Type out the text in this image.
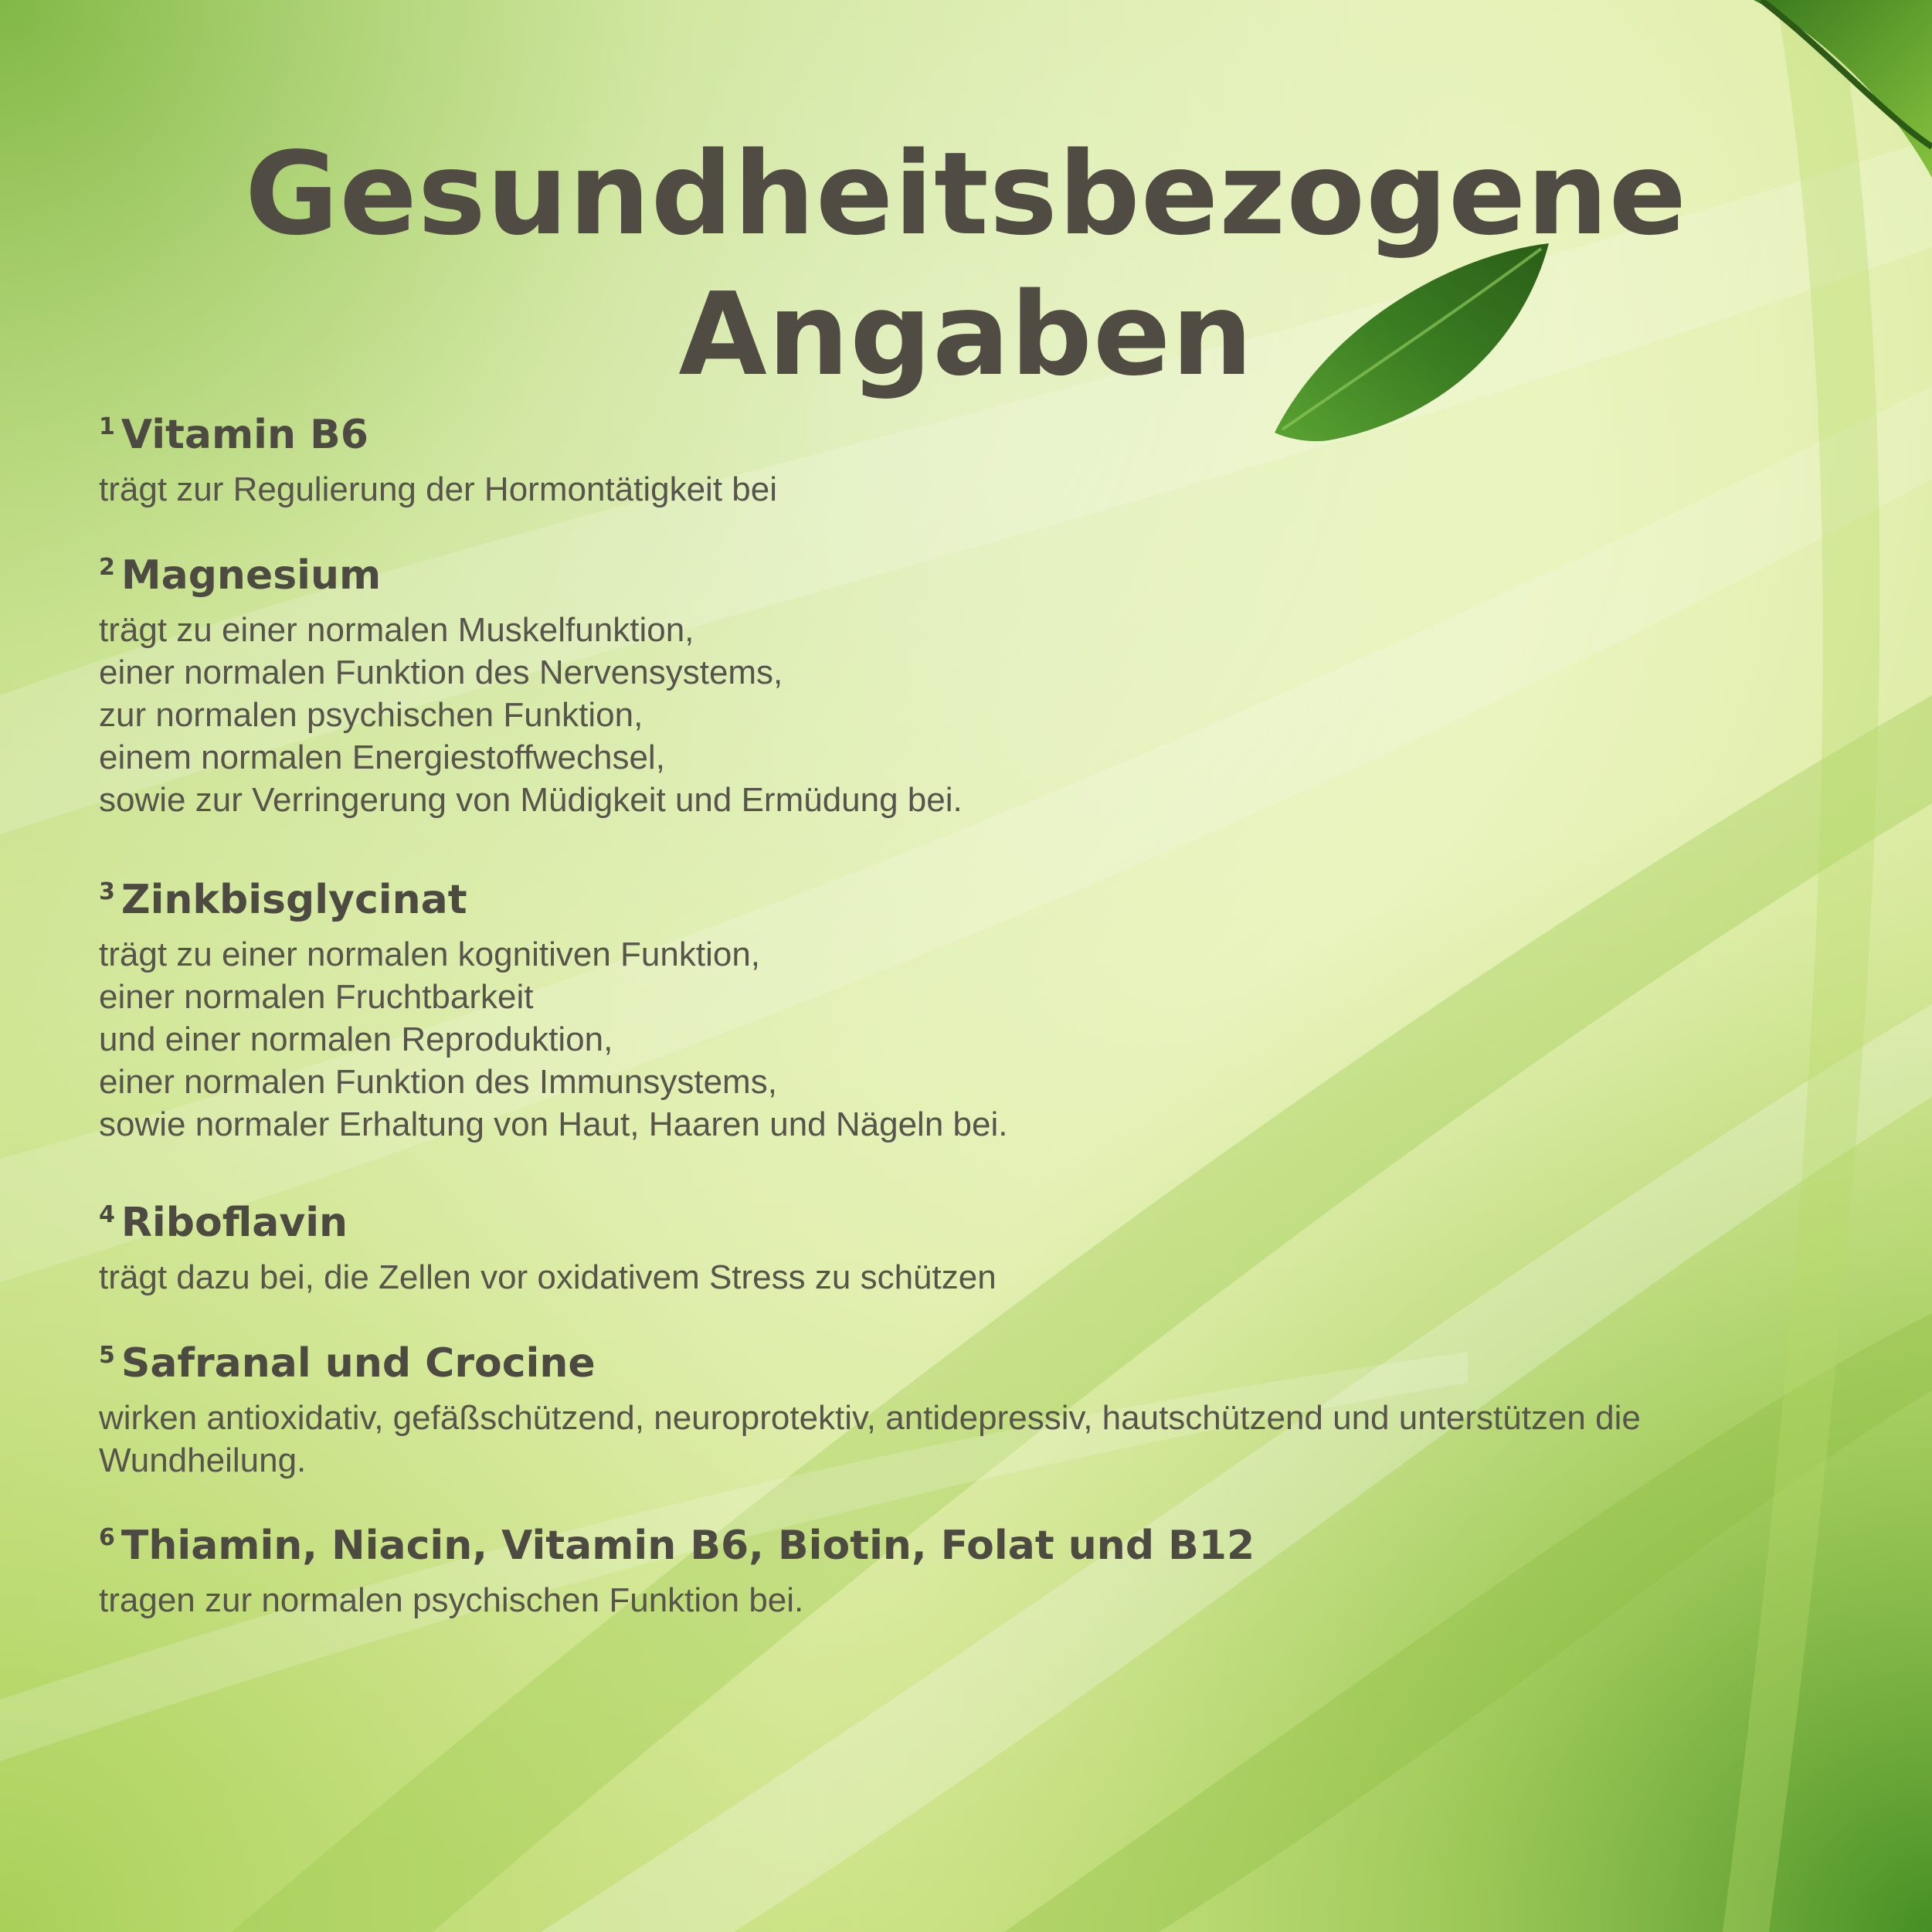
Gesundheitsbezogene
Angaben
$^1$ Vitamin B6
trägt zur Regulierung der Hormontätigkeit bei
$^2$ Magnesium
trägt zu einer normalen Muskelfunktion,
einer normalen Funktion des Nervensystems,
zur normalen psychischen Funktion,
einem normalen Energiestoffwechsel,
sowie zur Verringerung von Müdigkeit und Ermüdung bei.
$^3$ Zinkbisglycinat
trägt zu einer normalen kognitiven Funktion,
einer normalen Fruchtbarkeit
und einer normalen Reproduktion,
einer normalen Funktion des Immunsystems,
sowie normaler Erhaltung von Haut, Haaren und Nägeln bei.
$^4$ Riboflavin
trägt dazu bei, die Zellen vor oxidativem Stress zu schützen
$^5$ Safranal und Crocine
wirken antioxidativ, gefäßschützend, neuroprotektiv, antidepressiv, hautschützend und unterstützen die
Wundheilung.
$^6$ Thiamin, Niacin, Vitamin B6, Biotin, Folat und B12
tragen zur normalen psychischen Funktion bei.
